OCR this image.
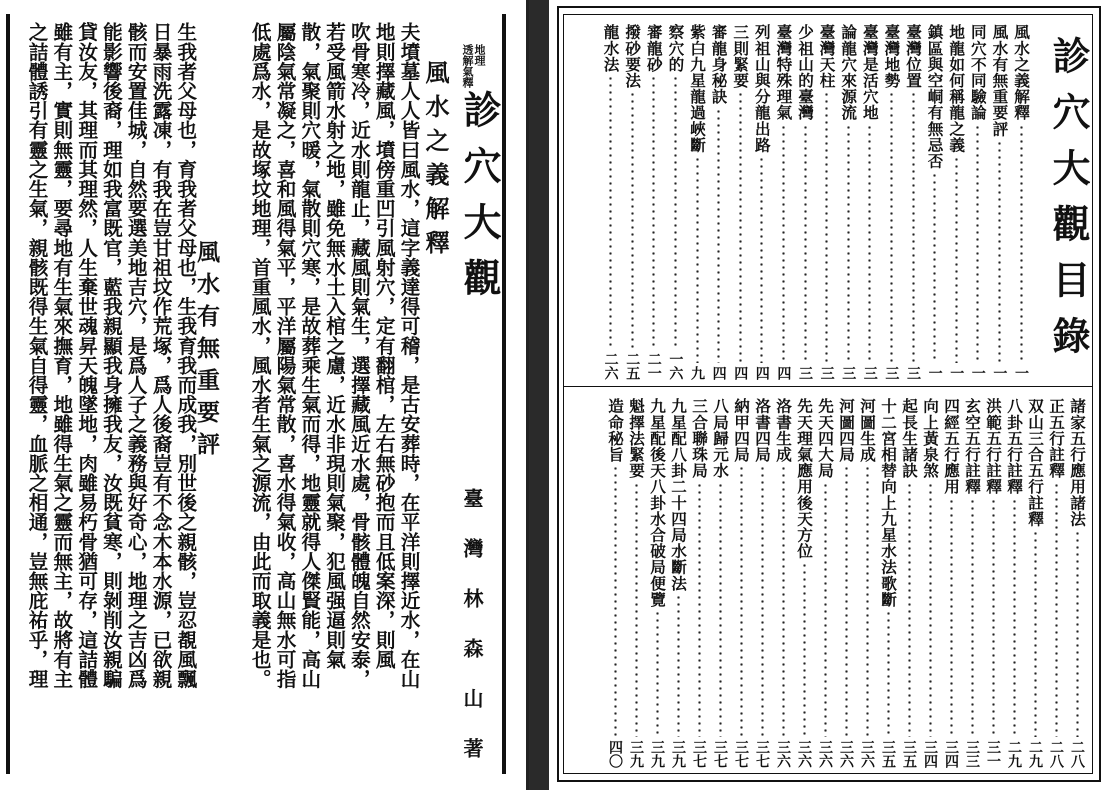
夫墳墓人人皆曰風水，這字義達得可稽，是古安葬時，在平洋則擇近水，在山
地則擇藏風，墳傍重凹引風射穴，定有翻棺，左右無砂抱而且低案深，則風
吹骨寒冷，近水則龍止，藏風則氣生，選擇藏風近水處，骨骸體魄自然安泰，
若受風箭水射之地，雖免無水土入棺之慮，近水非現則氣聚，犯風强逼則氣
散，氣聚則穴暖，氣散則穴寒，是故葬乘生氣而得，地靈就得人傑賢能，高山
屬陰氣常凝之，喜和風得氣平，平洋屬陽氣常散，喜水得氣收，高山無水可指
低處爲水，是故塚坟地理，首重風水，風水者生氣之源流，由此而取義是也。

生我者父母也，育我者父母也，生我育我而成我，別世後之親骸，豈忍覩風飄
日暴雨洗露凍，有我在豈甘祖坟作荒塚，爲人後裔豈有不念木本水源，已欲親
骸而安置佳城，自然要選美地吉穴，是爲人子之義務與好奇心，地理之吉凶爲
能影響後裔，理如我富既官，藍我親顯我身擁我友，汝既貧寒，則剝削汝親騙
貸汝友，其理而其理然，人生棄世魂昇天魄墜地，肉雖易朽骨猶可存，這詰體
雖有主，實則無靈，要尋地有生氣來撫育，地雖得生氣之靈而無主，故將有主
之詰體誘引有靈之生氣，親骸既得生氣自得靈，血脈之相通，豈無庇祐乎，理	風水有無重要評
風水之義解釋 診穴大觀
地理
透解氣釋
臺灣林森山著
診穴大觀目錄
風水之義解釋
一
風水有無重要評
一
同穴不同驗論
一
地龍如何稱龍之義
一
鎮區與空峒有無忌否
一
臺灣位置
三
臺灣地勢
三
臺灣是活穴地
三
論龍穴來源流
三
臺灣天柱
三
少祖山的臺灣
三
臺灣特殊理氣
四
列祖山與分龍出路
四
三則緊要
四
審龍身秘訣
四
紫白九星龍過峽斷
九
察穴的
一六
審龍砂
二一
撥砂要法
二五
龍水法
二六
諸家五行應用諸法
二八
正五行註釋
二八
双山三合五行註釋
二九
八卦五行註釋
二九
洪範五行註釋
三一
玄空五行註釋
三三
四經五行應用
三四
向上黃泉煞
三四
起長生諸訣
三五
十二宮相替向上九星水法歌斷
三五
河圖生成
三六
河圖四局
三六
先天四大局
三六
先天理氣應用後天方位
三六
洛書生成
三六
洛書四局
三七
納甲四局
三七
八局歸元水
三七
三合聯珠局
三七
九星配八卦二十四局水斷法
三九
九星配後天八卦水合破局便覽
三九
魁擇法緊要
三九
造命秘旨
四〇
